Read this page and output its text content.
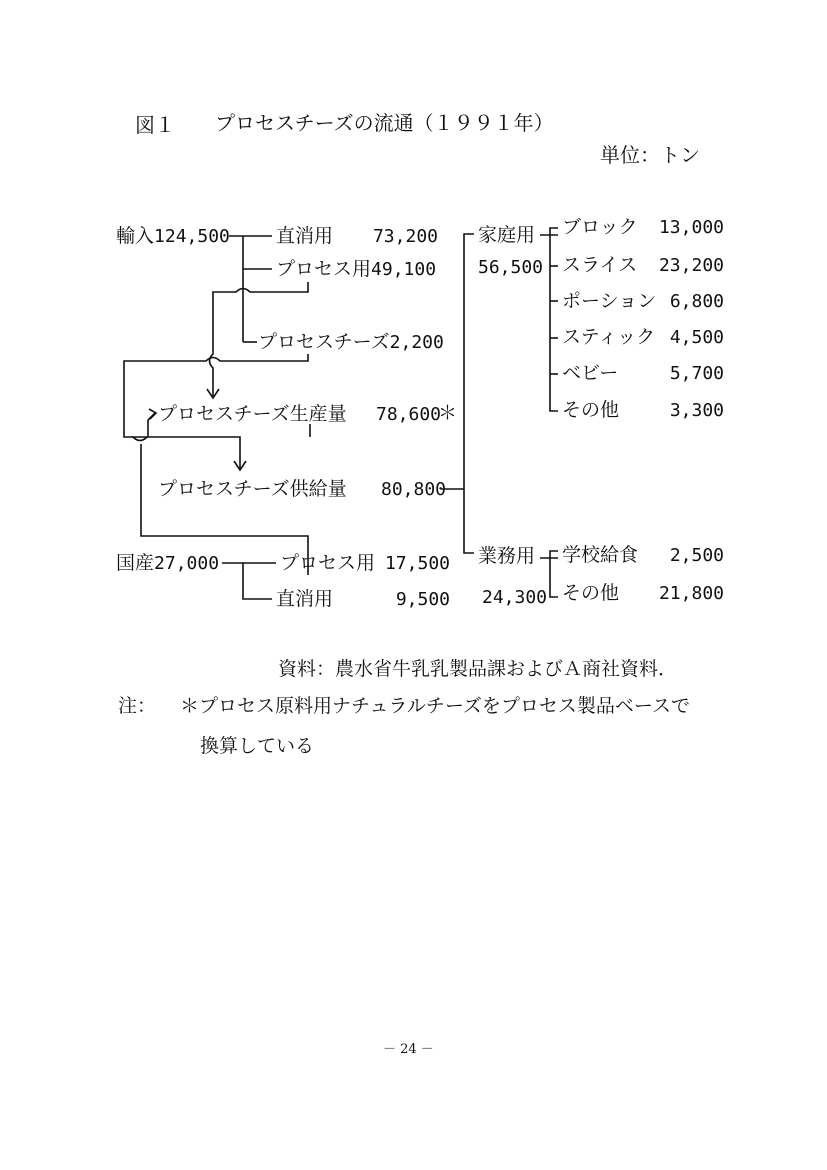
図１ プロセスチーズの流通（１９９１年）
単位：トン
輸入124,500 直消用	73,200
プロセス用49,100
プロセスチーズ2,200
プロセスチーズ生産量 78,600
＊
プロセスチーズ供給量 80,800
国産27,000	プロセス用 17,500
直消用	9,500
家庭用
56,500
ブロック	13,000
スライス	23,200
ポーション 6,800
スティック 4,500
ベビー	5,700
その他	3,300
業務用
24,300
学校給食	2,500
その他	21,800
資料：農水省牛乳乳製品課およびＡ商社資料．
注： ＊プロセス原料用ナチュラルチーズをプロセス製品ベースで
換算している
－ 24 －
